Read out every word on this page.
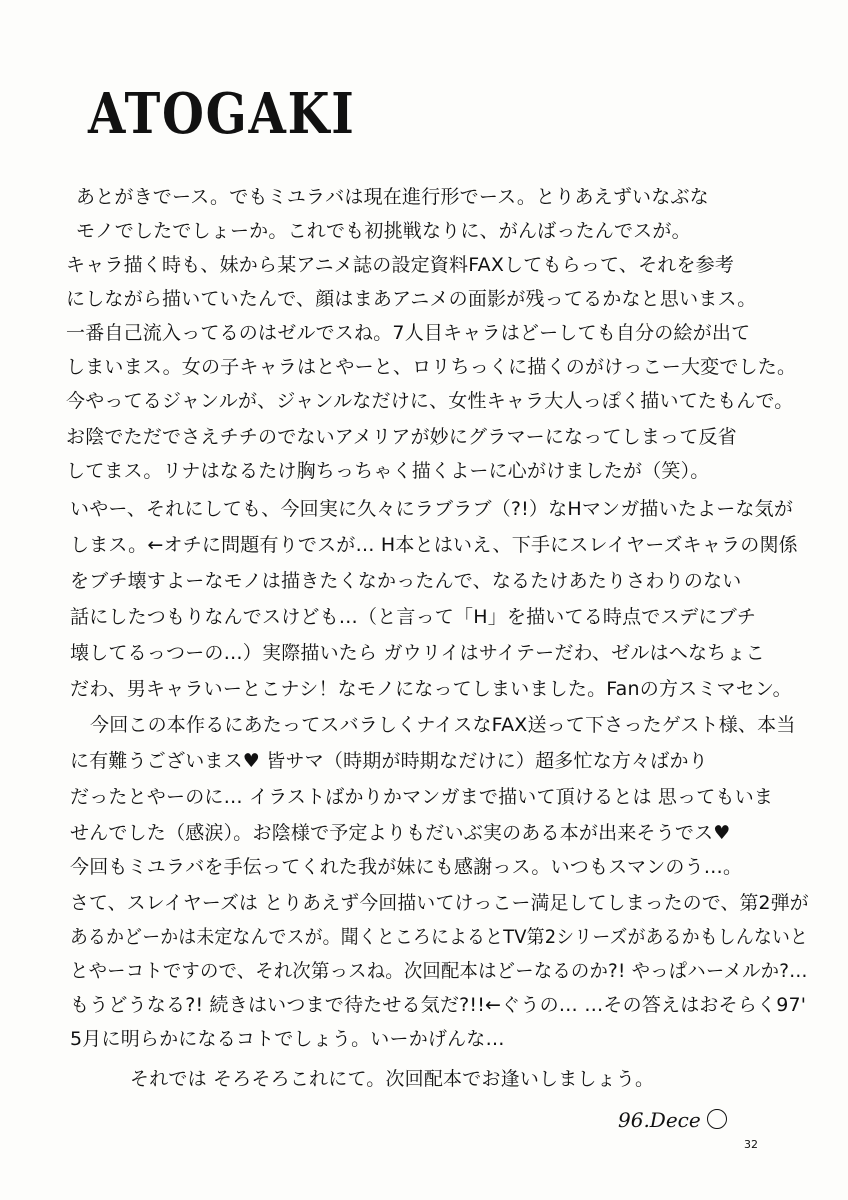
ATOGAKI
あとがきでース。でもミユラバは現在進行形でース。とりあえずいなぶな
モノでしたでしょーか。これでも初挑戦なりに、がんばったんでスが。
キャラ描く時も、妹から某アニメ誌の設定資料FAXしてもらって、それを参考
にしながら描いていたんで、顔はまあアニメの面影が残ってるかなと思いまス。
一番自己流入ってるのはゼルでスね。7人目キャラはどーしても自分の絵が出て
しまいまス。女の子キャラはとやーと、ロリちっくに描くのがけっこー大変でした。
今やってるジャンルが、ジャンルなだけに、女性キャラ大人っぽく描いてたもんで。
お陰でただでさえチチのでないアメリアが妙にグラマーになってしまって反省
してまス。リナはなるたけ胸ちっちゃく描くよーに心がけましたが（笑）。
いやー、それにしても、今回実に久々にラブラブ（?!）なHマンガ描いたよーな気が
しまス。←オチに問題有りでスが… H本とはいえ、下手にスレイヤーズキャラの関係
をブチ壊すよーなモノは描きたくなかったんで、なるたけあたりさわりのない
話にしたつもりなんでスけども…（と言って「H」を描いてる時点でスデにブチ
壊してるっつーの…）実際描いたら ガウリイはサイテーだわ、ゼルはへなちょこ
だわ、男キャラいーとこナシ！なモノになってしまいました。Fanの方スミマセン。
今回この本作るにあたってスバラしくナイスなFAX送って下さったゲスト様、本当
に有難うございまス♥ 皆サマ（時期が時期なだけに）超多忙な方々ばかり
だったとやーのに… イラストばかりかマンガまで描いて頂けるとは 思ってもいま
せんでした（感涙）。お陰様で予定よりもだいぶ実のある本が出来そうでス♥
今回もミユラバを手伝ってくれた我が妹にも感謝っス。いつもスマンのう…。
さて、スレイヤーズは とりあえず今回描いてけっこー満足してしまったので、第2弾が
あるかどーかは未定なんでスが。聞くところによるとTV第2シリーズがあるかもしんないと
とやーコトですので、それ次第っスね。次回配本はどーなるのか?! やっぱハーメルか?…
もうどうなる?! 続きはいつまで待たせる気だ?!!←ぐうの… …その答えはおそらく97'
5月に明らかになるコトでしょう。いーかげんな…
それでは そろそろこれにて。次回配本でお逢いしましょう。
96.Dece
32
